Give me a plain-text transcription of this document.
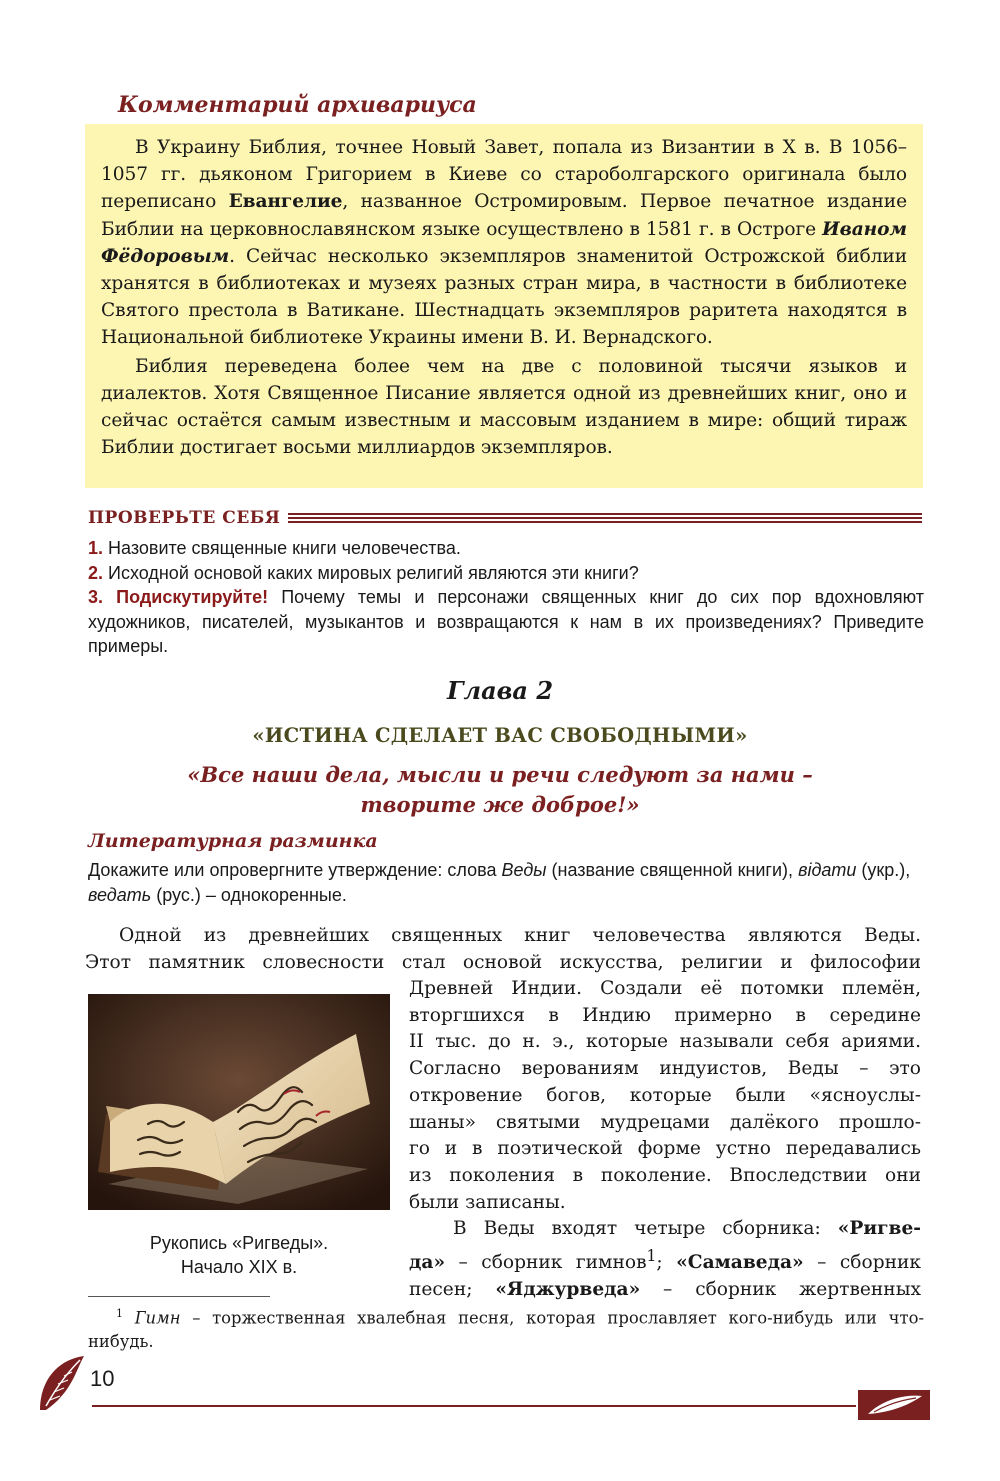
Комментарий архивариуса

В Украину Библия, точнее Новый Завет, попала из Византии в X в. В 1056–1057 гг. дьяконом Григорием в Киеве со староболгарского оригинала было переписано Евангелие, названное Остромировым. Первое печатное издание Библии на церковнославянском языке осуществлено в 1581 г. в Остроге Иваном Фёдоровым. Сейчас несколько экземпляров знаменитой Острожской библии хранятся в библиотеках и музеях разных стран мира, в частности в библиотеке Святого престола в Ватикане. Шестнадцать экземпляров раритета находятся в Национальной библиотеке Украины имени В. И. Вернадского.

Библия переведена более чем на две с половиной тысячи языков и диалектов. Хотя Священное Писание является одной из древнейших книг, оно и сейчас остаётся самым известным и массовым изданием в мире: общий тираж Библии достигает восьми миллиардов экземпляров.

ПРОВЕРЬТЕ СЕБЯ

1. Назовите священные книги человечества.

2. Исходной основой каких мировых религий являются эти книги?

3. Подискутируйте! Почему темы и персонажи священных книг до сих пор вдохновляют художников, писателей, музыкантов и возвращаются к нам в их произведениях? Приведите примеры.

Глава 2
«ИСТИНА СДЕЛАЕТ ВАС СВОБОДНЫМИ»
«Все наши дела, мысли и речи следуют за нами –
творите же доброе!»
Литературная разминка
Докажите или опровергните утверждение: слова Веды (название священной книги), відати (укр.), ведать (рус.) – однокоренные.
Одной из древнейших священных книг человечества являются Веды.
Этот памятник словесности стал основой искусства, религии и философии
Рукопись «Ригведы».
Начало XIX в.
Древней Индии. Создали её потомки племён,
вторгшихся в Индию примерно в середине
II тыс. до н. э., которые называли себя ариями.
Согласно верованиям индуистов, Веды – это
откровение богов, которые были «ясноуслы-
шаны» святыми мудрецами далёкого прошло-
го и в поэтической форме устно передавались
из поколения в поколение. Впоследствии они
были записаны.
В Веды входят четыре сборника: «Ригве-
да» – сборник гимнов$^1$; «Самаведа» – сборник
песен; «Яджурведа» – сборник жертвенных
$^1$ Гимн – торжественная хвалебная песня, которая прославляет кого-нибудь или что-нибудь.
10
